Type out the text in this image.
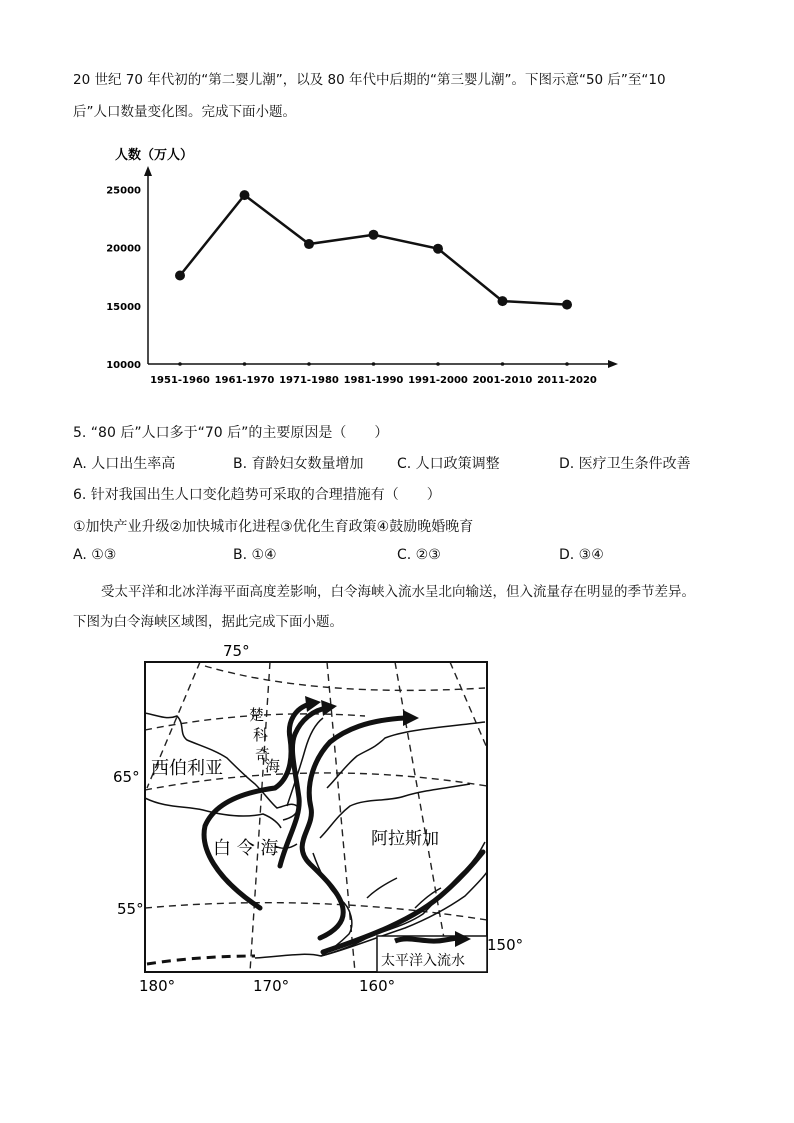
20 世纪 70 年代初的“第二婴儿潮”，以及 80 年代中后期的“第三婴儿潮”。下图示意“50 后”至“10
后”人口数量变化图。完成下面小题。
人数（万人）
10000
15000
20000
25000
1951-1960 1961-1970 1971-1980 1981-1990 1991-2000 2001-2010 2011-2020
5. “80 后”人口多于“70 后”的主要原因是（　　）
A. 人口出生率高	B. 育龄妇女数量增加 C. 人口政策调整	D. 医疗卫生条件改善
6. 针对我国出生人口变化趋势可采取的合理措施有（　　）
①加快产业升级②加快城市化进程③优化生育政策④鼓励晚婚晚育
A. ①③	B. ①④	C. ②③	D. ③④
受太平洋和北冰洋海平面高度差影响，白令海峡入流水呈北向输送，但入流量存在明显的季节差异。
下图为白令海峡区域图，据此完成下面小题。
太平洋入流水
75°
65°
55°
180°	170°	160°
150°
西伯利亚
白 令 海
楚
科
奇
海
阿拉斯加
